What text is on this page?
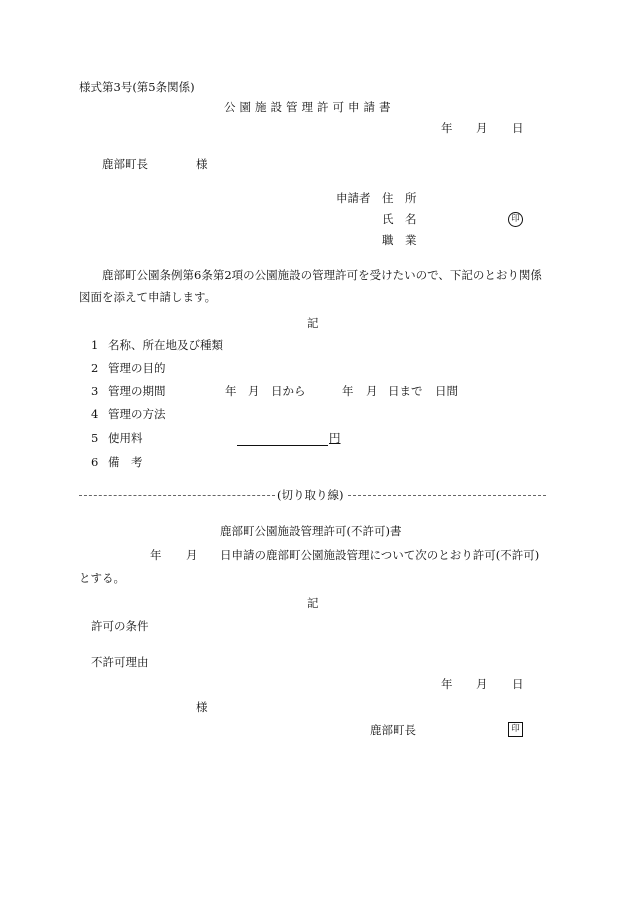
様式第3号(第5条関係)
公園施設管理許可申請書
年 月 日
鹿部町長	様
申請者 住　所
氏　名	印
職　業
鹿部町公園条例第6条第2項の公園施設の管理許可を受けたいので、下記のとおり関係
図面を添えて申請します。
記
1 名称、所在地及び種類
2 管理の目的
3 管理の期間	年 月 日から	年 月 日まで 日間
4 管理の方法
5 使用料	円
6 備　考
(切り取り線)
鹿部町公園施設管理許可(不許可)書
年 月 日申請の鹿部町公園施設管理について次のとおり許可(不許可)
とする。
記
許可の条件
不許可理由
年 月 日
様
鹿部町長	印
